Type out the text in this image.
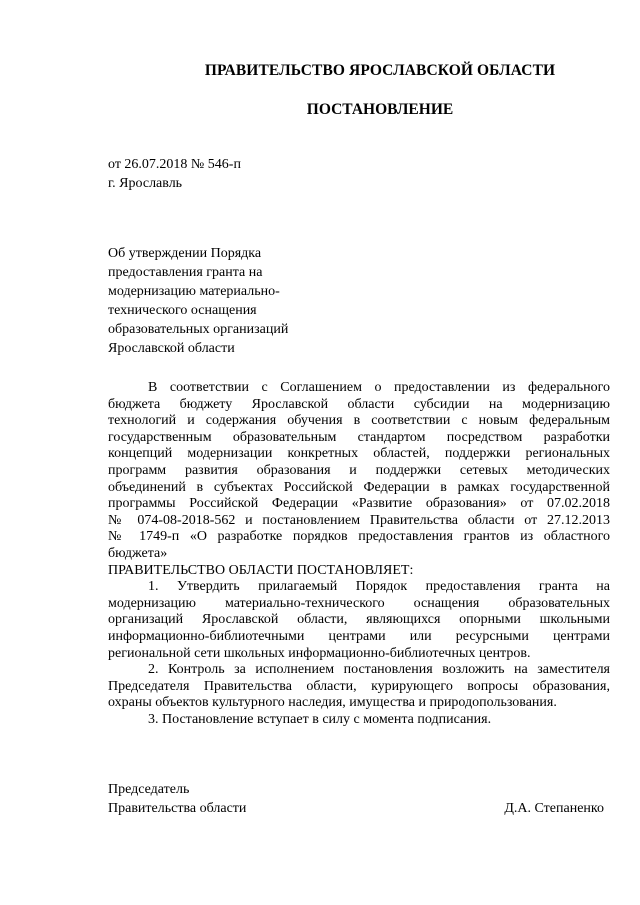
ПРАВИТЕЛЬСТВО ЯРОСЛАВСКОЙ ОБЛАСТИ
ПОСТАНОВЛЕНИЕ
от 26.07.2018 № 546-п
г. Ярославль
Об утверждении Порядка
предоставления гранта на
модернизацию материально-
технического оснащения
образовательных организаций
Ярославской области
В соответствии с Соглашением о предоставлении из федерального
бюджета бюджету Ярославской области субсидии на модернизацию
технологий и содержания обучения в соответствии с новым федеральным
государственным образовательным стандартом посредством разработки
концепций модернизации конкретных областей, поддержки региональных
программ развития образования и поддержки сетевых методических
объединений в субъектах Российской Федерации в рамках государственной
программы Российской Федерации «Развитие образования» от 07.02.2018
№ 074-08-2018-562 и постановлением Правительства области от 27.12.2013
№ 1749-п «О разработке порядков предоставления грантов из областного
бюджета»
ПРАВИТЕЛЬСТВО ОБЛАСТИ ПОСТАНОВЛЯЕТ:
1. Утвердить прилагаемый Порядок предоставления гранта на
модернизацию материально-технического оснащения образовательных
организаций Ярославской области, являющихся опорными школьными
информационно-библиотечными центрами или ресурсными центрами
региональной сети школьных информационно-библиотечных центров.
2. Контроль за исполнением постановления возложить на заместителя
Председателя Правительства области, курирующего вопросы образования,
охраны объектов культурного наследия, имущества и природопользования.
3. Постановление вступает в силу с момента подписания.
Председатель
Правительства области	Д.А. Степаненко
